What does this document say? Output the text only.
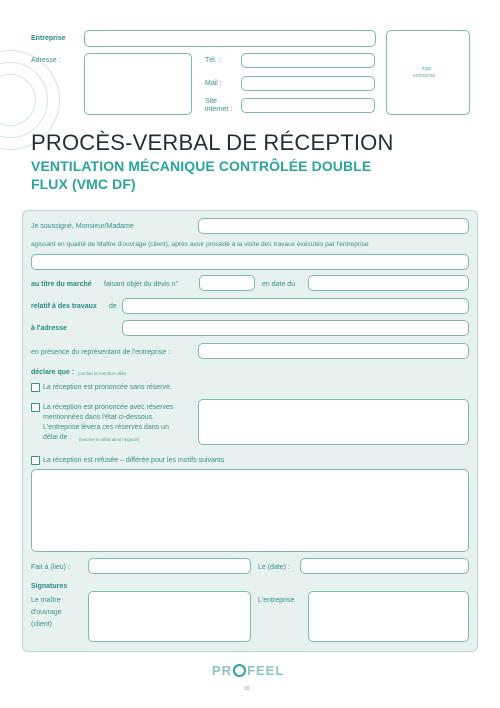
Entreprise
Adresse :	Tél. :
Mail :
Site
internet :
logo
entreprise
PROCÈS-VERBAL DE RÉCEPTION
VENTILATION MÉCANIQUE CONTRÔLÉE DOUBLE
FLUX (VMC DF)
Je soussigné, Monsieur/Madame
agissant en qualité de Maître d'ouvrage (client), après avoir procédé à la visite des travaux exécutés par l'entreprise
au titre du marché faisant objet du devis n°	en date du
relatif à des travaux de
à l'adresse
en présence du représentant de l'entreprise :
déclare que : (cocher la mention utile)
La réception est prononcée sans réserve.
La réception est prononcée avec réserves
mentionnées dans l'état ci-dessous.
L'entreprise lèvera ces réserves dans un
délai de : (inscrire le délai ainsi négocié)
La réception est refusée – différée pour les motifs suivants
Fait à (lieu) :	Le (date) :
Signatures
Le maître
d'ouvrage
(client)
L'entreprise
PR FEEL
18
